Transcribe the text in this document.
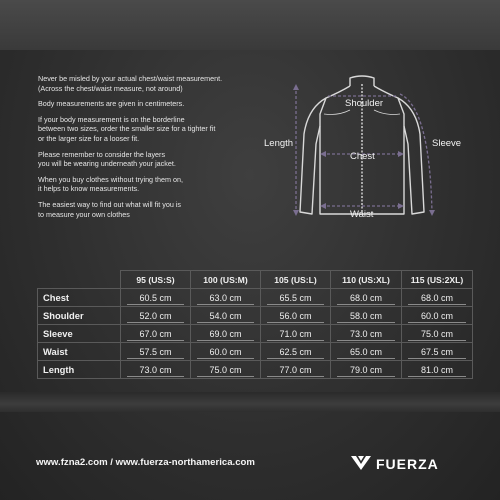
Never be misled by your actual chest/waist measurement.
(Across the chest/waist measure, not around)

Body measurements are given in centimeters.

If your body measurement is on the borderline
between two sizes, order the smaller size for a tighter fit
or the larger size for a looser fit.

Please remember to consider the layers
you will be wearing underneath your jacket.

When you buy clothes without trying them on,
it helps to know measurements.

The easiest way to find out what will fit you is
to measure your own clothes

Shoulder
Length
Chest
Sleeve
Waist
	95 (US:S)	100 (US:M)	105 (US:L)	110 (US:XL)	115 (US:2XL)
Chest	60.5 cm	63.0 cm	65.5 cm	68.0 cm	68.0 cm

Shoulder	52.0 cm	54.0 cm	56.0 cm	58.0 cm	60.0 cm

Sleeve	67.0 cm	69.0 cm	71.0 cm	73.0 cm	75.0 cm

Waist	57.5 cm	60.0 cm	62.5 cm	65.0 cm	67.5 cm

Length	73.0 cm	75.0 cm	77.0 cm	79.0 cm	81.0 cm
www.fzna2.com / www.fuerza-northamerica.com	FUERZA
